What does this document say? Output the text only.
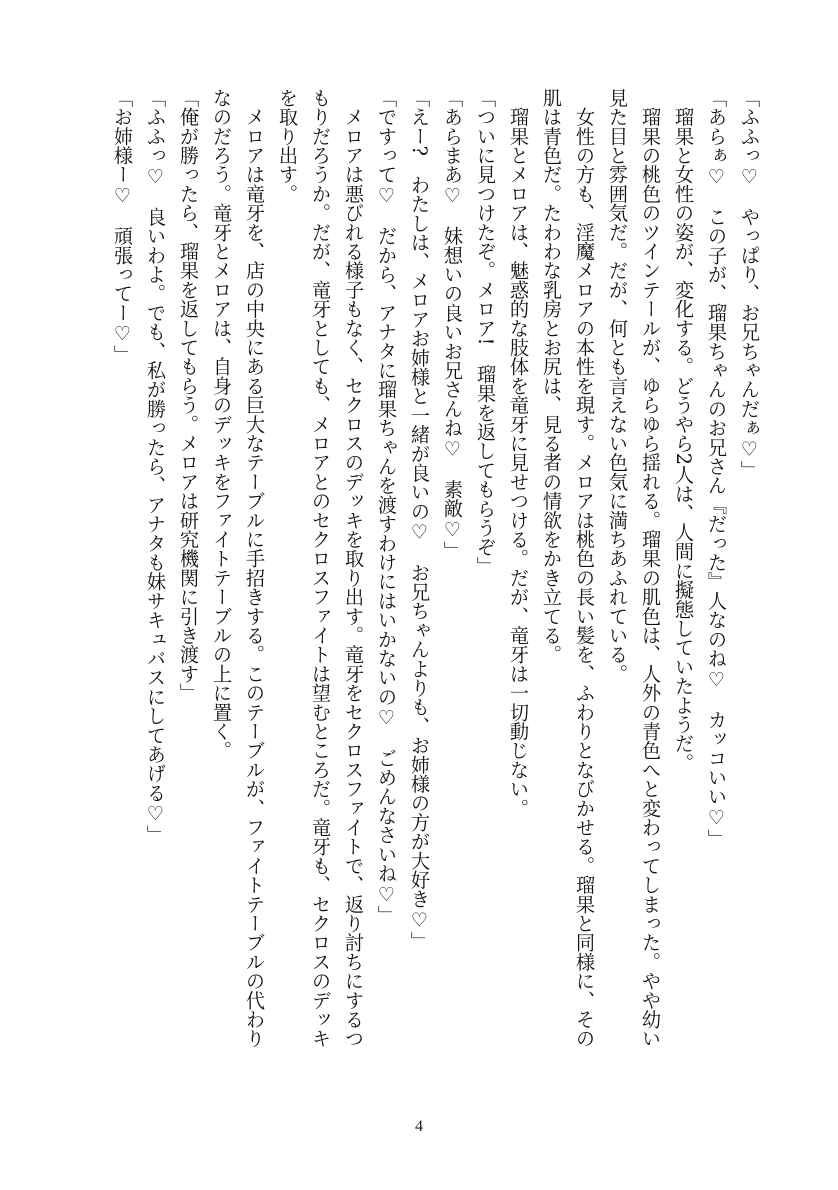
「ふふっ♡　やっぱり、お兄ちゃんだぁ♡」
「あらぁ♡　この子が、瑠果ちゃんのお兄さん『だった』人なのね♡　カッコいい♡」
　瑠果と女性の姿が、変化する。どうやら2人は、人間に擬態していたようだ。
　瑠果の桃色のツインテールが、ゆらゆら揺れる。瑠果の肌色は、人外の青色へと変わってしまった。やや幼い
見た目と雰囲気だ。だが、何とも言えない色気に満ちあふれている。
　女性の方も、淫魔メロアの本性を現す。メロアは桃色の長い髪を、ふわりとなびかせる。瑠果と同様に、その
肌は青色だ。たわわな乳房とお尻は、見る者の情欲をかき立てる。
　瑠果とメロアは、魅惑的な肢体を竜牙に見せつける。だが、竜牙は一切動じない。
「ついに見つけたぞ。メロア!　瑠果を返してもらうぞ」
「あらまあ♡　妹想いの良いお兄さんね♡　素敵♡」
「えー?　わたしは、メロアお姉様と一緒が良いの♡　お兄ちゃんよりも、お姉様の方が大好き♡」
「ですって♡　だから、アナタに瑠果ちゃんを渡すわけにはいかないの♡　ごめんなさいね♡」
　メロアは悪びれる様子もなく、セクロスのデッキを取り出す。竜牙をセクロスファイトで、返り討ちにするつ
もりだろうか。だが、竜牙としても、メロアとのセクロスファイトは望むところだ。竜牙も、セクロスのデッキ
を取り出す。
　メロアは竜牙を、店の中央にある巨大なテーブルに手招きする。このテーブルが、ファイトテーブルの代わり
なのだろう。竜牙とメロアは、自身のデッキをファイトテーブルの上に置く。
「俺が勝ったら、瑠果を返してもらう。メロアは研究機関に引き渡す」
「ふふっ♡　良いわよ。でも、私が勝ったら、アナタも妹サキュバスにしてあげる♡」
「お姉様ー♡　頑張ってー♡」
4
